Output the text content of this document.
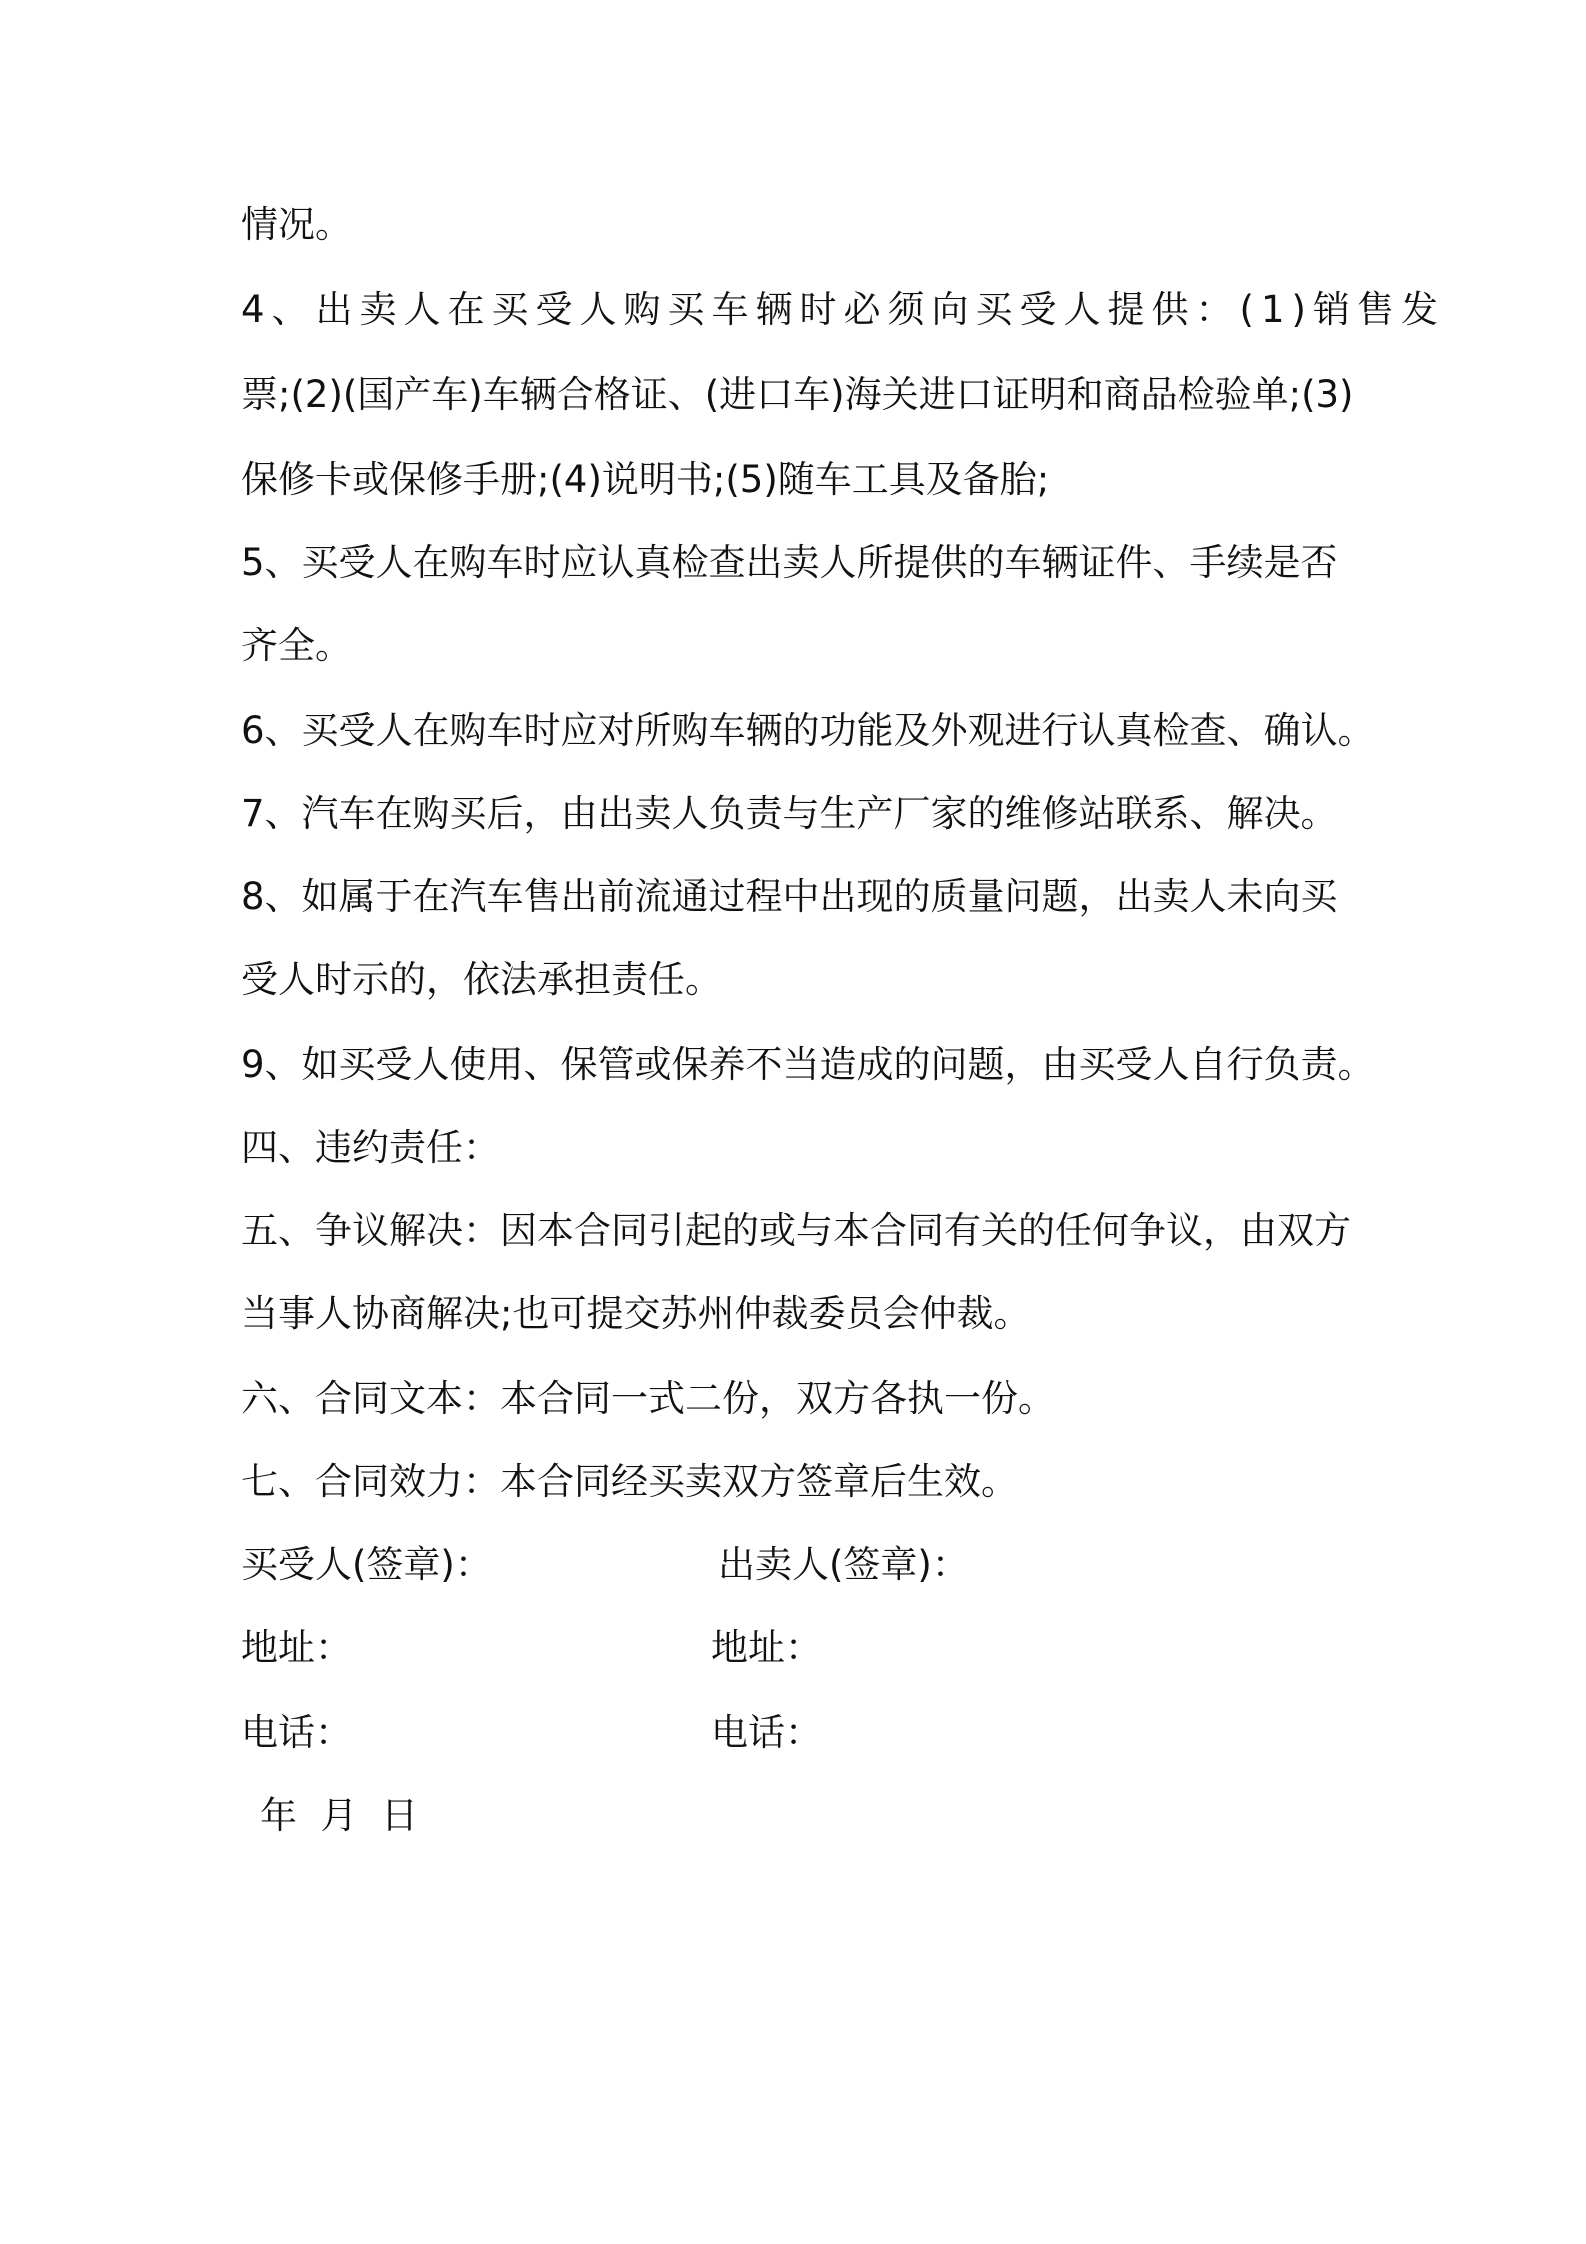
情况。
4、出卖人在买受人购买车辆时必须向买受人提供：(1)销售发
票;(2)(国产车)车辆合格证、(进口车)海关进口证明和商品检验单;(3)
保修卡或保修手册;(4)说明书;(5)随车工具及备胎;
5、买受人在购车时应认真检查出卖人所提供的车辆证件、手续是否
齐全。
6、买受人在购车时应对所购车辆的功能及外观进行认真检查、确认。
7、汽车在购买后，由出卖人负责与生产厂家的维修站联系、解决。
8、如属于在汽车售出前流通过程中出现的质量问题，出卖人未向买
受人时示的，依法承担责任。
9、如买受人使用、保管或保养不当造成的问题，由买受人自行负责。
四、违约责任：
五、争议解决：因本合同引起的或与本合同有关的任何争议，由双方
当事人协商解决;也可提交苏州仲裁委员会仲裁。
六、合同文本：本合同一式二份，双方各执一份。
七、合同效力：本合同经买卖双方签章后生效。
买受人(签章)：	出卖人(签章)：
地址：	地址：
电话：	电话：
年  月  日
